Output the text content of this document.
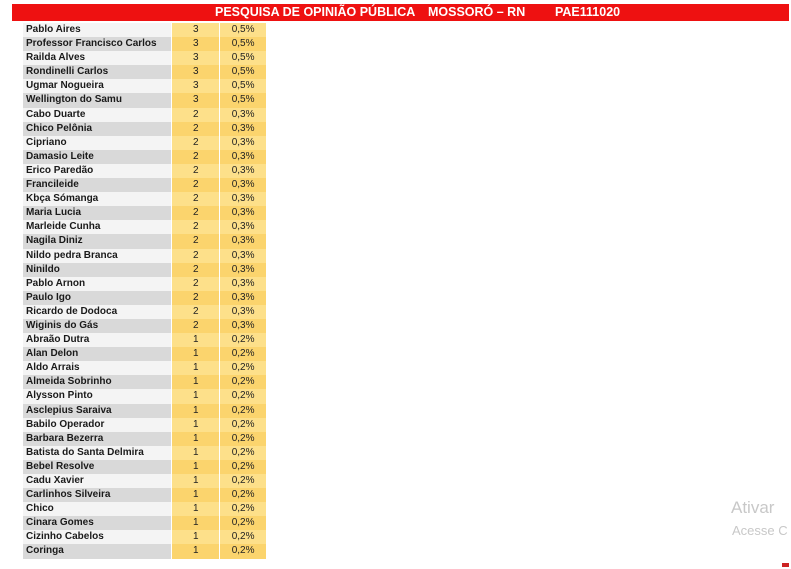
PESQUISA DE OPINIÃO PÚBLICA MOSSORÓ – RN PAE111020
Pablo Aires	3	0,5%
Professor Francisco Carlos	3	0,5%
Railda Alves	3	0,5%
Rondinelli Carlos	3	0,5%
Ugmar Nogueira	3	0,5%
Wellington do Samu	3	0,5%
Cabo Duarte	2	0,3%
Chico Pelônia	2	0,3%
Cipriano	2	0,3%
Damasio Leite	2	0,3%
Erico Paredão	2	0,3%
Francileide	2	0,3%
Kbça Sómanga	2	0,3%
Maria Lucia	2	0,3%
Marleide Cunha	2	0,3%
Nagila Diniz	2	0,3%
Nildo pedra Branca	2	0,3%
Ninildo	2	0,3%
Pablo Arnon	2	0,3%
Paulo Igo	2	0,3%
Ricardo de Dodoca	2	0,3%
Wiginis do Gás	2	0,3%
Abraão Dutra	1	0,2%
Alan Delon	1	0,2%
Aldo Arrais	1	0,2%
Almeida Sobrinho	1	0,2%
Alysson Pinto	1	0,2%
Asclepius Saraiva	1	0,2%
Babilo Operador	1	0,2%
Barbara Bezerra	1	0,2%
Batista do Santa Delmira	1	0,2%
Bebel Resolve	1	0,2%
Cadu Xavier	1	0,2%
Carlinhos Silveira	1	0,2%
Chico	1	0,2%
Cinara Gomes	1	0,2%
Cizinho Cabelos	1	0,2%
Coringa	1	0,2%
Ativar
Acesse C
